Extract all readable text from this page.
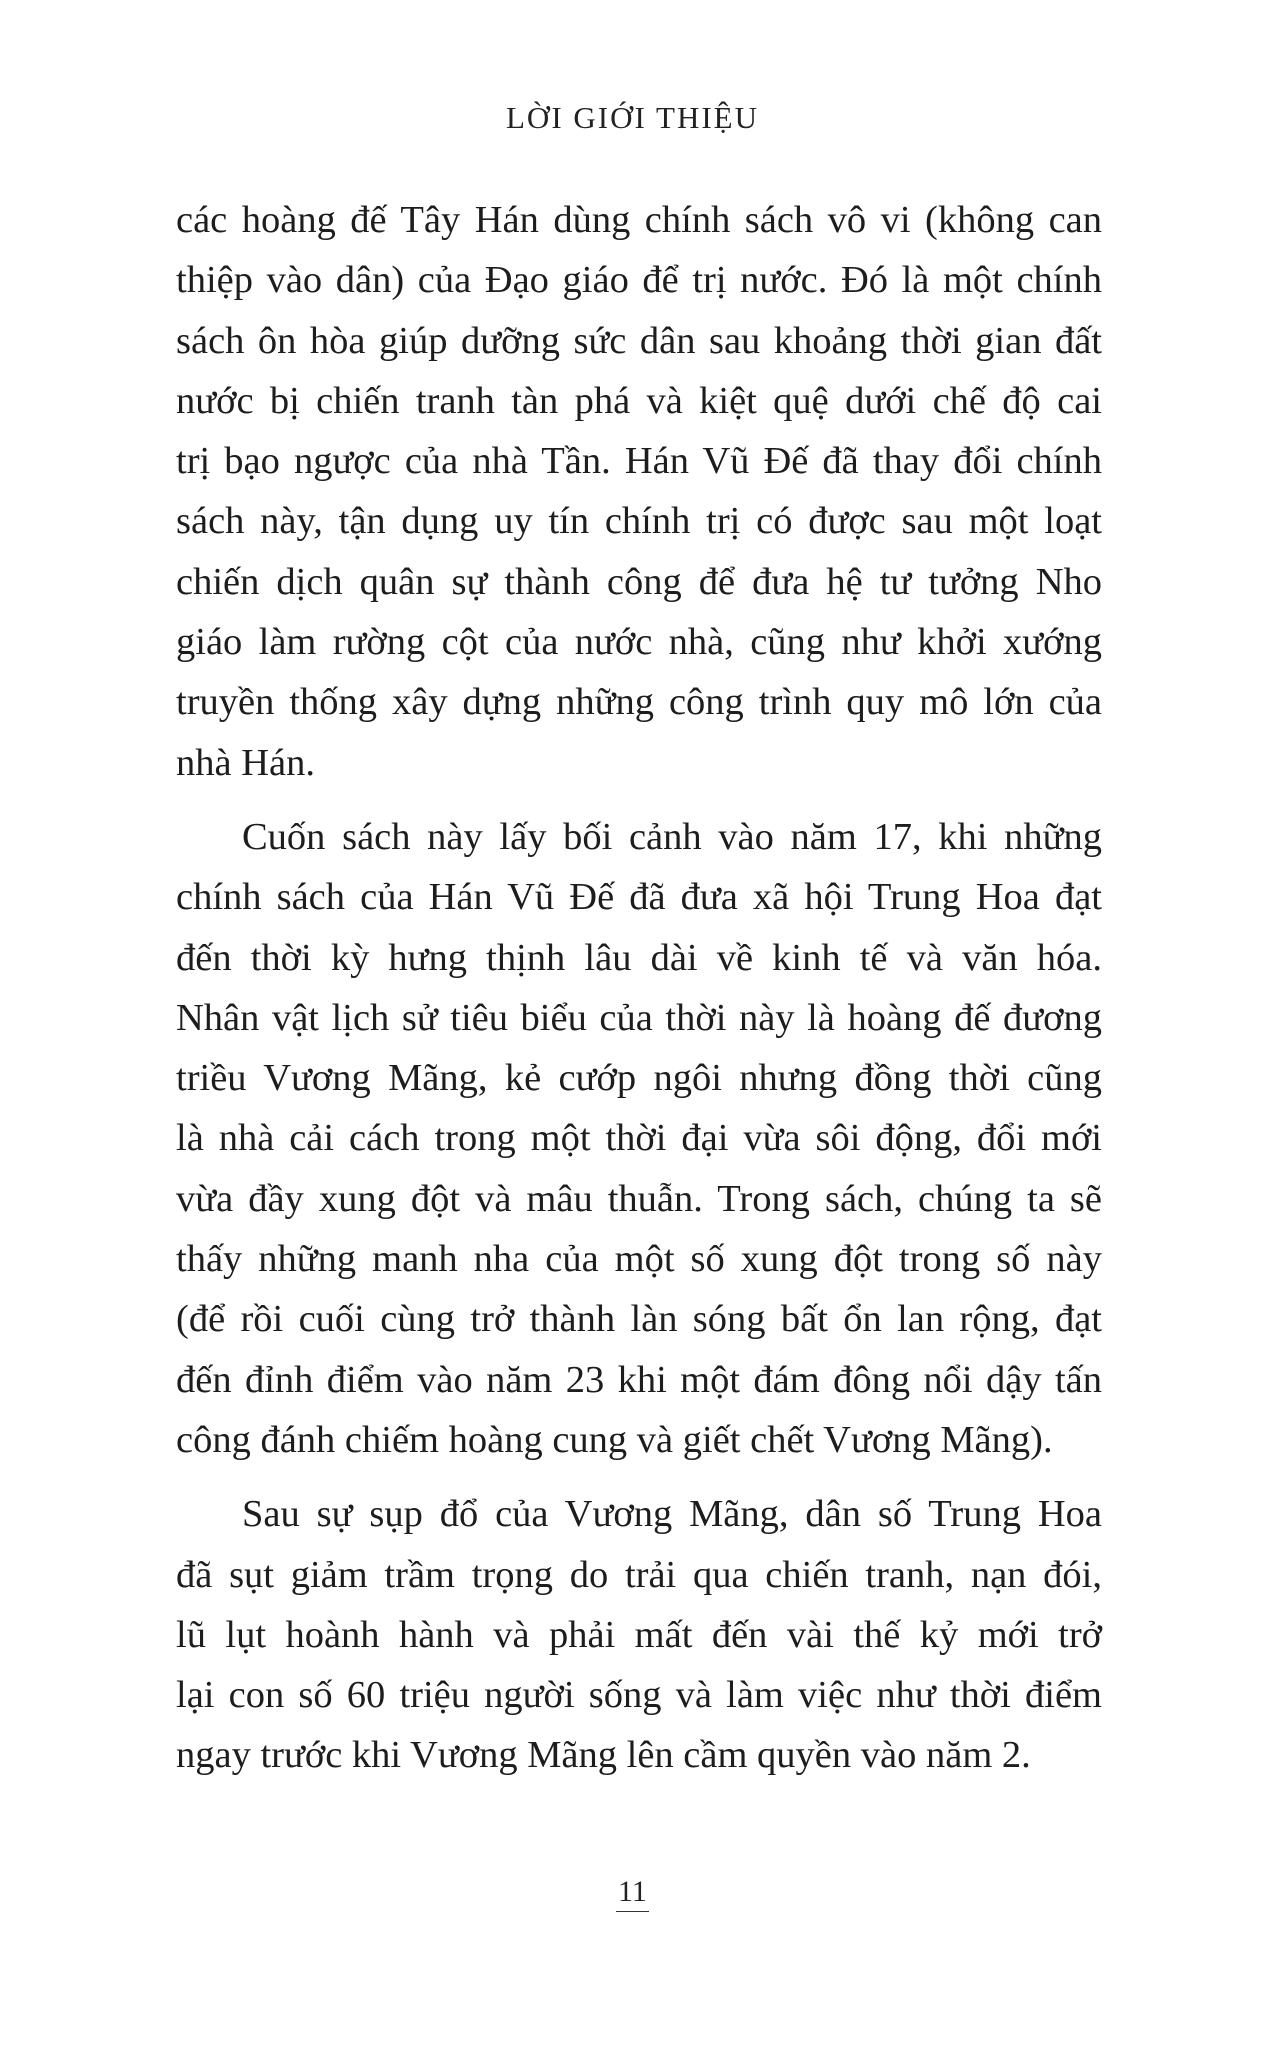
LỜI GIỚI THIỆU

các hoàng đế Tây Hán dùng chính sách vô vi (không can
thiệp vào dân) của Đạo giáo để trị nước. Đó là một chính
sách ôn hòa giúp dưỡng sức dân sau khoảng thời gian đất
nước bị chiến tranh tàn phá và kiệt quệ dưới chế độ cai
trị bạo ngược của nhà Tần. Hán Vũ Đế đã thay đổi chính
sách này, tận dụng uy tín chính trị có được sau một loạt
chiến dịch quân sự thành công để đưa hệ tư tưởng Nho
giáo làm rường cột của nước nhà, cũng như khởi xướng
truyền thống xây dựng những công trình quy mô lớn của
nhà Hán.

Cuốn sách này lấy bối cảnh vào năm 17, khi những
chính sách của Hán Vũ Đế đã đưa xã hội Trung Hoa đạt
đến thời kỳ hưng thịnh lâu dài về kinh tế và văn hóa.
Nhân vật lịch sử tiêu biểu của thời này là hoàng đế đương
triều Vương Mãng, kẻ cướp ngôi nhưng đồng thời cũng
là nhà cải cách trong một thời đại vừa sôi động, đổi mới
vừa đầy xung đột và mâu thuẫn. Trong sách, chúng ta sẽ
thấy những manh nha của một số xung đột trong số này
(để rồi cuối cùng trở thành làn sóng bất ổn lan rộng, đạt
đến đỉnh điểm vào năm 23 khi một đám đông nổi dậy tấn
công đánh chiếm hoàng cung và giết chết Vương Mãng).

Sau sự sụp đổ của Vương Mãng, dân số Trung Hoa
đã sụt giảm trầm trọng do trải qua chiến tranh, nạn đói,
lũ lụt hoành hành và phải mất đến vài thế kỷ mới trở
lại con số 60 triệu người sống và làm việc như thời điểm
ngay trước khi Vương Mãng lên cầm quyền vào năm 2.

11
